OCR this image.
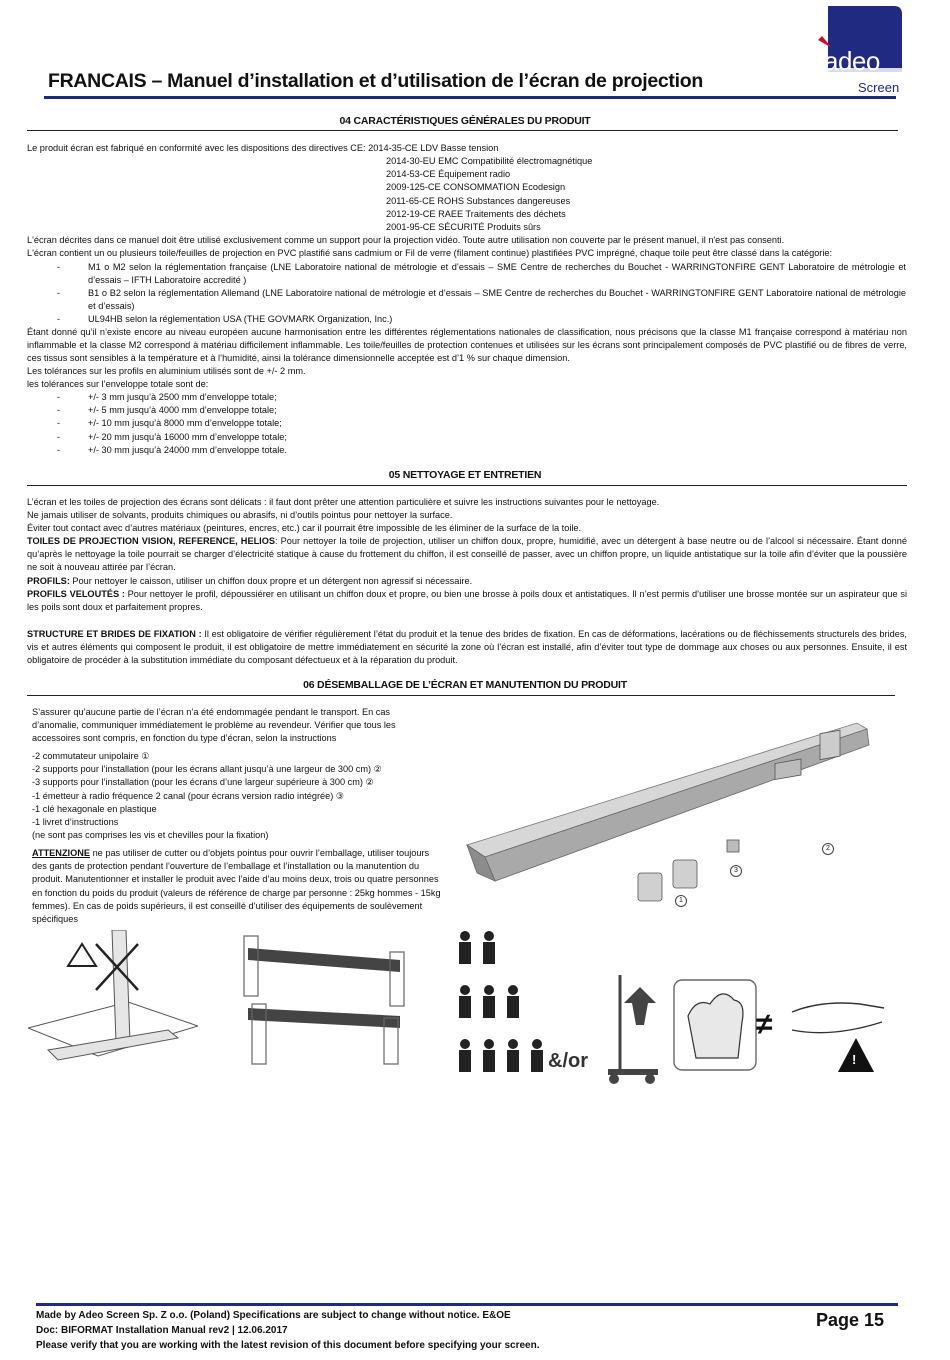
FRANCAIS – Manuel d’installation et d’utilisation de l’écran de projection
adeo
Screen
04 CARACTÉRISTIQUES GÉNÉRALES DU PRODUIT
Le produit écran est fabriqué en conformité avec les dispositions des directives CE: 2014-35-CE LDV Basse tension
2014-30-EU EMC Compatibilité électromagnétique
2014-53-CE Équipement radio
2009-125-CE CONSOMMATION Ecodesign
2011-65-CE ROHS Substances dangereuses
2012-19-CE RAEE Traitements des déchets
2001-95-CE SÉCURITÉ Produits sûrs
L'écran décrites dans ce manuel doit être utilisé exclusivement comme un support pour la projection vidéo. Toute autre utilisation non couverte par le présent manuel, il n'est pas consenti.
L'écran contient un ou plusieurs toile/feuilles de projection en PVC plastifié sans cadmium or Fil de verre (filament continue) plastifiées PVC imprégné, chaque toile peut être classé dans la catégorie:
-	M1 o M2 selon la réglementation française (LNE Laboratoire national de métrologie et d’essais – SME Centre de recherches du Bouchet - WARRINGTONFIRE GENT Laboratoire de métrologie et d’essais – IFTH Laboratoire accredité )
-	B1 o B2 selon la réglementation Allemand (LNE Laboratoire national de métrologie et d’essais – SME Centre de recherches du Bouchet - WARRINGTONFIRE GENT Laboratoire national de métrologie et d’essais)
-	UL94HB selon la réglementation USA (THE GOVMARK Organization, Inc.)
Étant donné qu’il n’existe encore au niveau européen aucune harmonisation entre les différentes réglementations nationales de classification, nous précisons que la classe M1 française correspond à matériau non inflammable et la classe M2 correspond à matériau difficilement inflammable. Les toile/feuilles de protection contenues et utilisées sur les écrans sont principalement composés de PVC plastifié ou de fibres de verre, ces tissus sont sensibles à la température et à l’humidité, ainsi la tolérance dimensionnelle acceptée est d’1 % sur chaque dimension.
Les tolérances sur les profils en aluminium utilisés sont de +/- 2 mm.
les tolérances sur l’enveloppe totale sont de:
-	+/- 3 mm jusqu’à 2500 mm d’enveloppe totale;
-	+/- 5 mm jusqu’à 4000 mm d’enveloppe totale;
-	+/- 10 mm jusqu’à 8000 mm d’enveloppe totale;
-	+/- 20 mm jusqu’à 16000 mm d’enveloppe totale;
-	+/- 30 mm jusqu’à 24000 mm d’enveloppe totale.
05 NETTOYAGE ET ENTRETIEN
L’écran et les toiles de projection des écrans sont délicats : il faut dont prêter une attention particulière et suivre les instructions suivantes pour le nettoyage.
Ne jamais utiliser de solvants, produits chimiques ou abrasifs, ni d’outils pointus pour nettoyer la surface.
Éviter tout contact avec d’autres matériaux (peintures, encres, etc.) car il pourrait être impossible de les éliminer de la surface de la toile.
TOILES DE PROJECTION VISION, REFERENCE, HELIOS: Pour nettoyer la toile de projection, utiliser un chiffon doux, propre, humidifié, avec un détergent à base neutre ou de l’alcool si nécessaire. Étant donné qu’après le nettoyage la toile pourrait se charger d’électricité statique à cause du frottement du chiffon, il est conseillé de passer, avec un chiffon propre, un liquide antistatique sur la toile afin d’éviter que la poussière ne soit à nouveau attirée par l’écran.
PROFILS: Pour nettoyer le caisson, utiliser un chiffon doux propre et un détergent non agressif si nécessaire.
PROFILS VELOUTÉS : Pour nettoyer le profil, dépoussiérer en utilisant un chiffon doux et propre, ou bien une brosse à poils doux et antistatiques. Il n’est permis d’utiliser une brosse montée sur un aspirateur que si les poils sont doux et parfaitement propres.
STRUCTURE ET BRIDES DE FIXATION : Il est obligatoire de vérifier régulièrement l’état du produit et la tenue des brides de fixation. En cas de déformations, lacérations ou de fléchissements structurels des brides, vis et autres éléments qui composent le produit, il est obligatoire de mettre immédiatement en sécurité la zone où l’écran est installé, afin d’éviter tout type de dommage aux choses ou aux personnes. Ensuite, il est obligatoire de procéder à la substitution immédiate du composant défectueux et à la réparation du produit.
06 DÉSEMBALLAGE DE L’ÉCRAN ET MANUTENTION DU PRODUIT
S’assurer qu’aucune partie de l’écran n’a été endommagée pendant le transport. En cas d’anomalie, communiquer immédiatement le problème au revendeur. Vérifier que tous les accessoires sont compris, en fonction du type d’écran, selon la instructions
-2 commutateur unipolaire ①
-2 supports pour l’installation (pour les écrans allant jusqu’à une largeur de 300 cm) ②
-3 supports pour l’installation (pour les écrans d’une largeur supérieure à 300 cm) ②
-1 émetteur à radio fréquence 2 canal (pour écrans version radio intégrée) ③
-1 clé hexagonale en plastique
-1 livret d’instructions
(ne sont pas comprises les vis et chevilles pour la fixation)
ATTENZIONE ne pas utiliser de cutter ou d’objets pointus pour ouvrir l’emballage, utiliser toujours des gants de protection pendant l’ouverture de l’emballage et l’installation ou la manutention du produit. Manutentionner et installer le produit avec l’aide d’au moins deux, trois ou quatre personnes en fonction du poids du produit (valeurs de référence de charge par personne : 25kg hommes - 15kg femmes). En cas de poids supérieurs, il est conseillé d’utiliser des équipements de soulèvement spécifiques
1
2
3
&/or
≠
!
Made by Adeo Screen Sp. Z o.o. (Poland) Specifications are subject to change without notice. E&OE
Doc: BIFORMAT Installation Manual rev2 | 12.06.2017
Please verify that you are working with the latest revision of this document before specifying your screen.
Page 15
